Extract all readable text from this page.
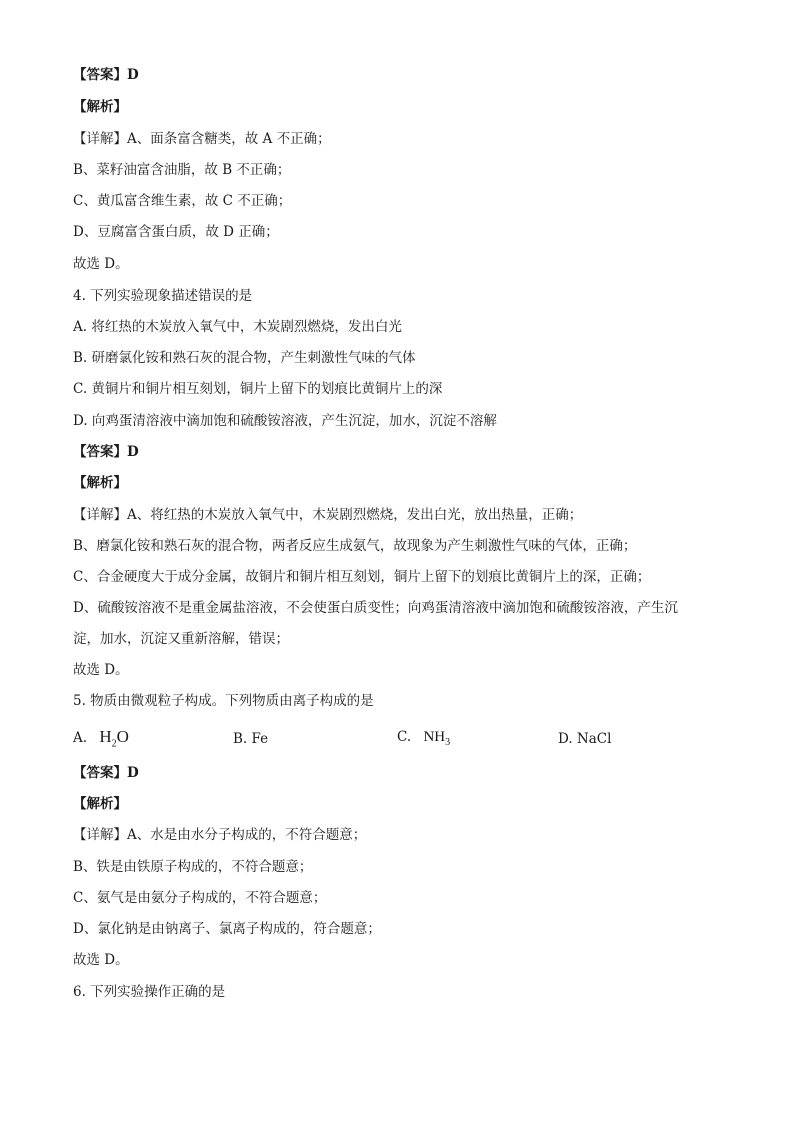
【答案】D
【解析】
【详解】A、面条富含糖类，故 A 不正确；
B、菜籽油富含油脂，故 B 不正确；
C、黄瓜富含维生素，故 C 不正确；
D、豆腐富含蛋白质，故 D 正确；
故选 D。
4. 下列实验现象描述错误的是
A. 将红热的木炭放入氧气中，木炭剧烈燃烧，发出白光
B. 研磨氯化铵和熟石灰的混合物，产生刺激性气味的气体
C. 黄铜片和铜片相互刻划，铜片上留下的划痕比黄铜片上的深
D. 向鸡蛋清溶液中滴加饱和硫酸铵溶液，产生沉淀，加水，沉淀不溶解
【答案】D
【解析】
【详解】A、将红热的木炭放入氧气中，木炭剧烈燃烧，发出白光，放出热量，正确；
B、磨氯化铵和熟石灰的混合物，两者反应生成氨气，故现象为产生刺激性气味的气体，正确；
C、合金硬度大于成分金属，故铜片和铜片相互刻划，铜片上留下的划痕比黄铜片上的深，正确；
D、硫酸铵溶液不是重金属盐溶液，不会使蛋白质变性；向鸡蛋清溶液中滴加饱和硫酸铵溶液，产生沉
淀，加水，沉淀又重新溶解，错误；
故选 D。
5. 物质由微观粒子构成。下列物质由离子构成的是
A. $H_2O$	B. Fe	C. $NH_3$	D. NaCl
【答案】D
【解析】
【详解】A、水是由水分子构成的，不符合题意；
B、铁是由铁原子构成的，不符合题意；
C、氨气是由氨分子构成的，不符合题意；
D、氯化钠是由钠离子、氯离子构成的，符合题意；
故选 D。
6. 下列实验操作正确的是
